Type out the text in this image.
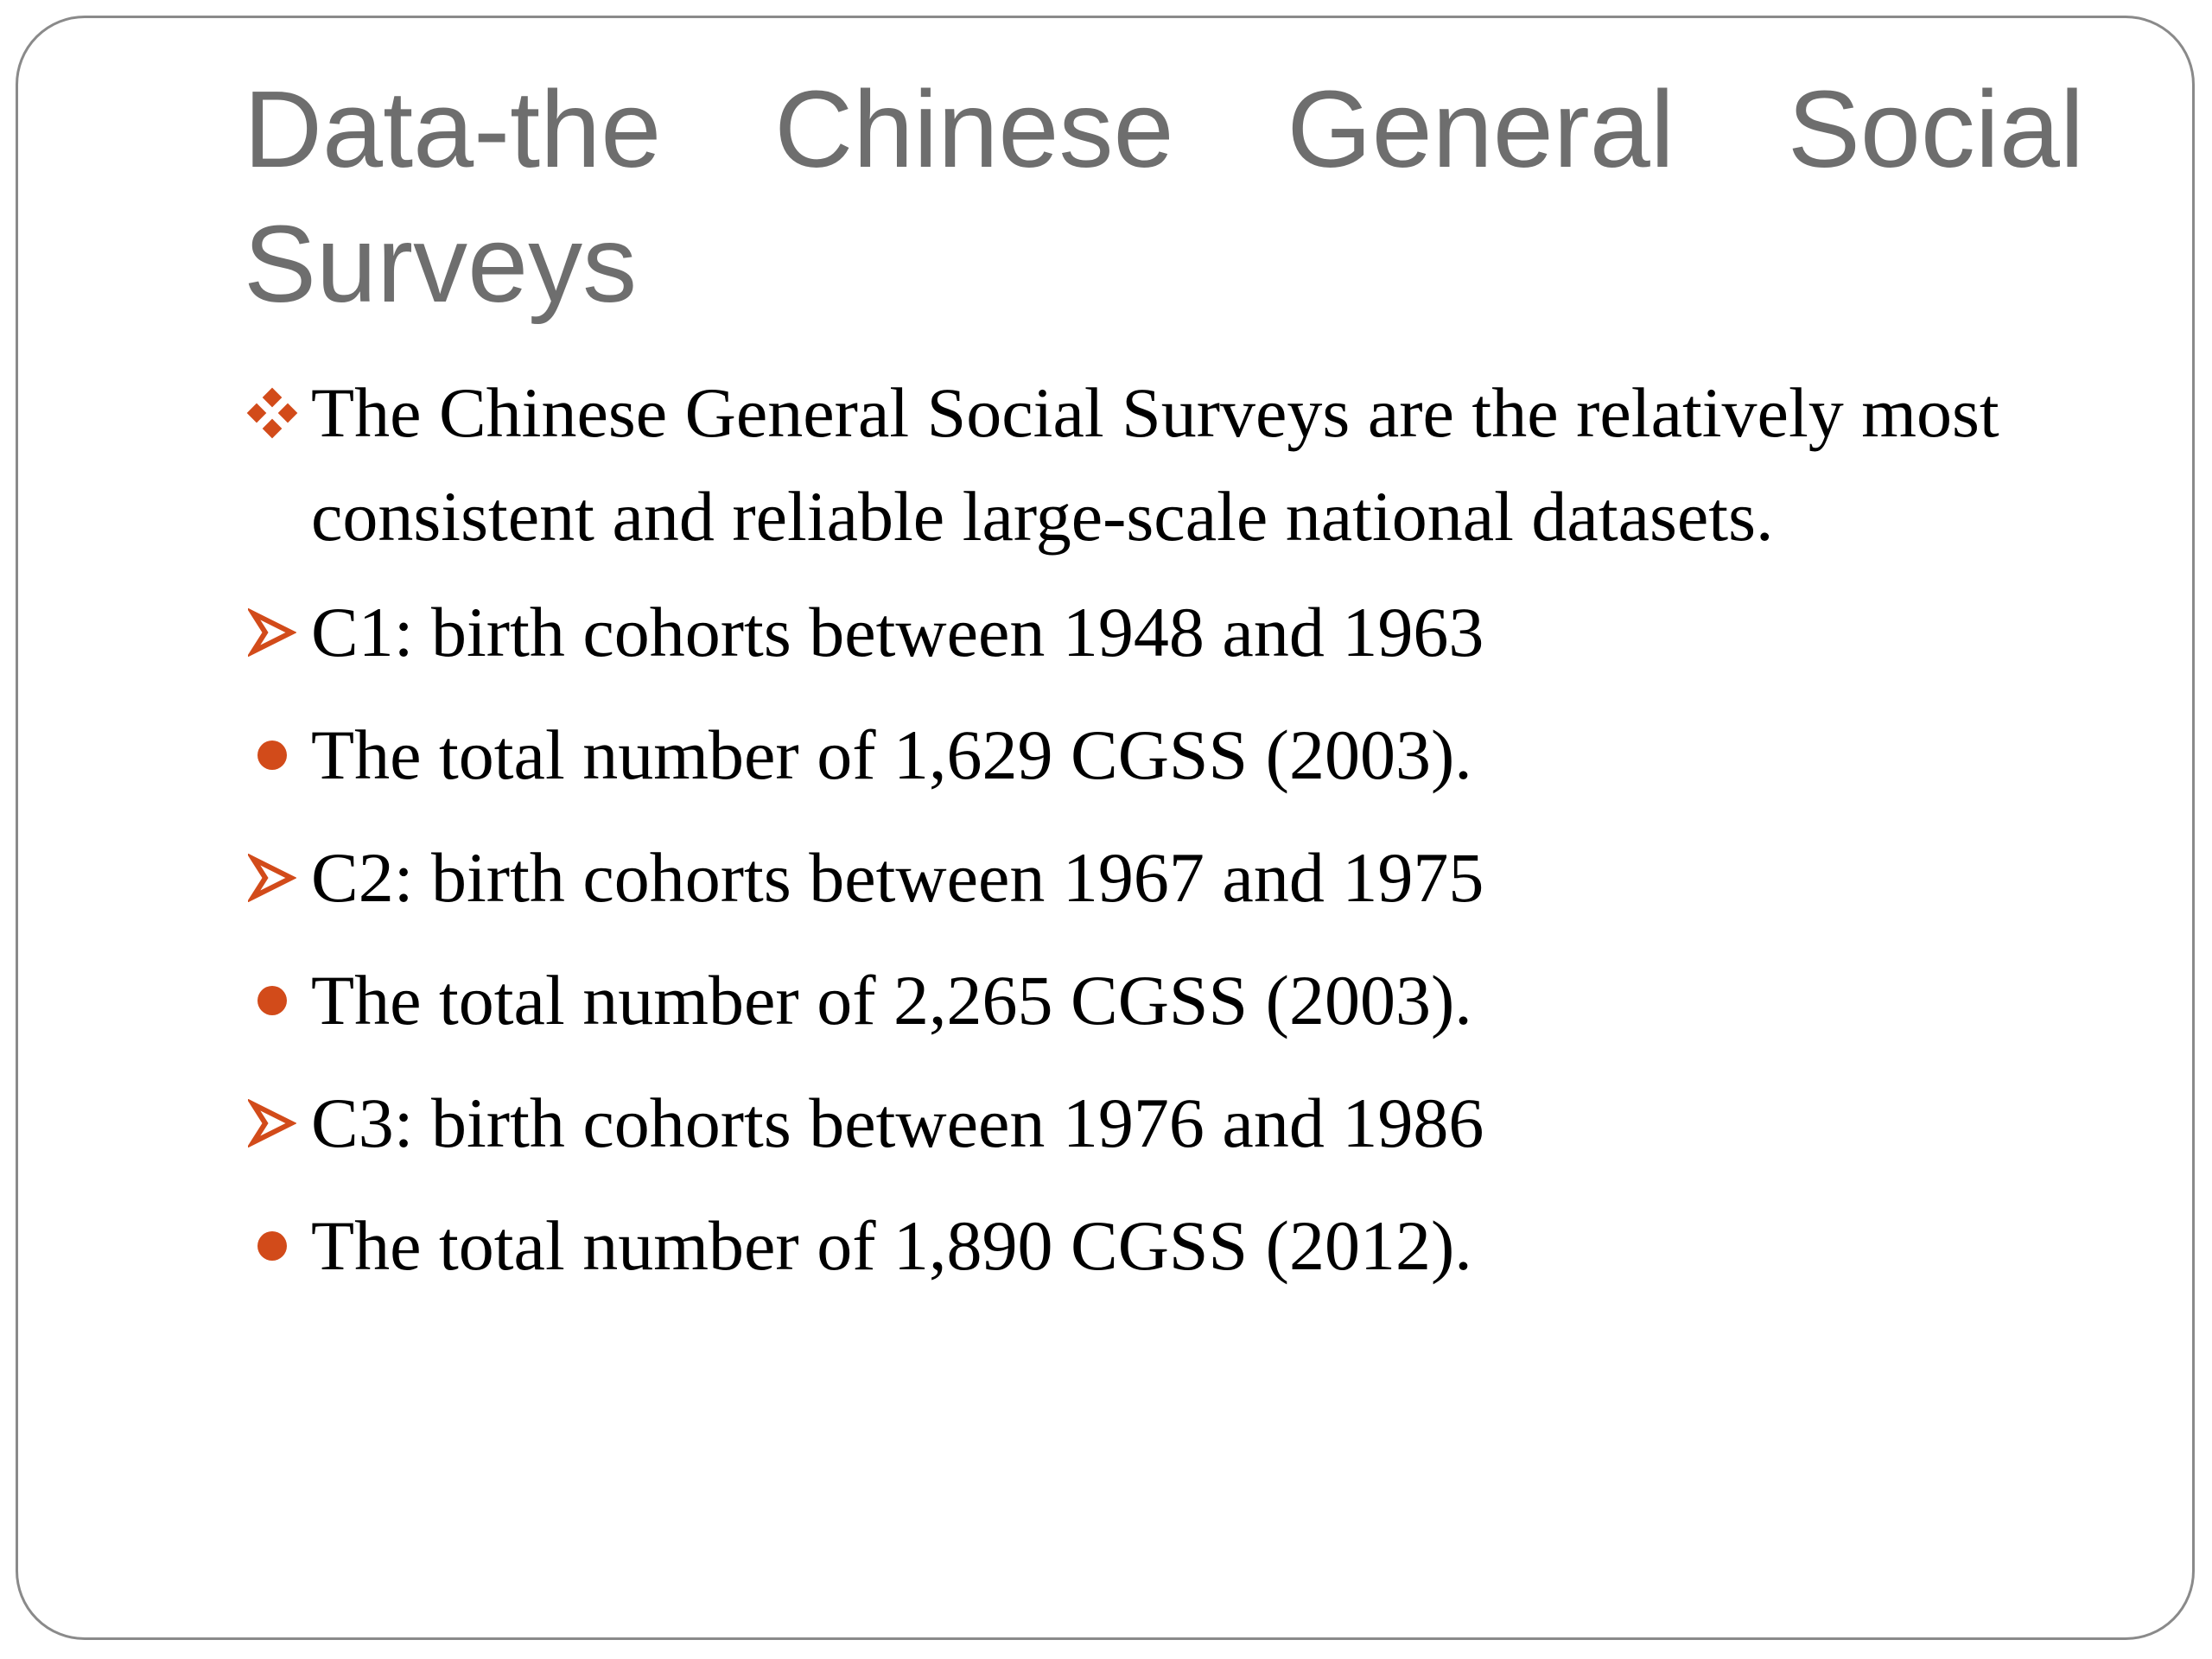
Data-the Chinese General Social Surveys
The Chinese General Social Surveys are the relatively most consistent and reliable large-scale national datasets.
C1: birth cohorts between 1948 and 1963
The total number of 1,629 CGSS (2003).
C2: birth cohorts between 1967 and 1975
The total number of 2,265 CGSS (2003).
C3: birth cohorts between 1976 and 1986
The total number of 1,890 CGSS (2012).
